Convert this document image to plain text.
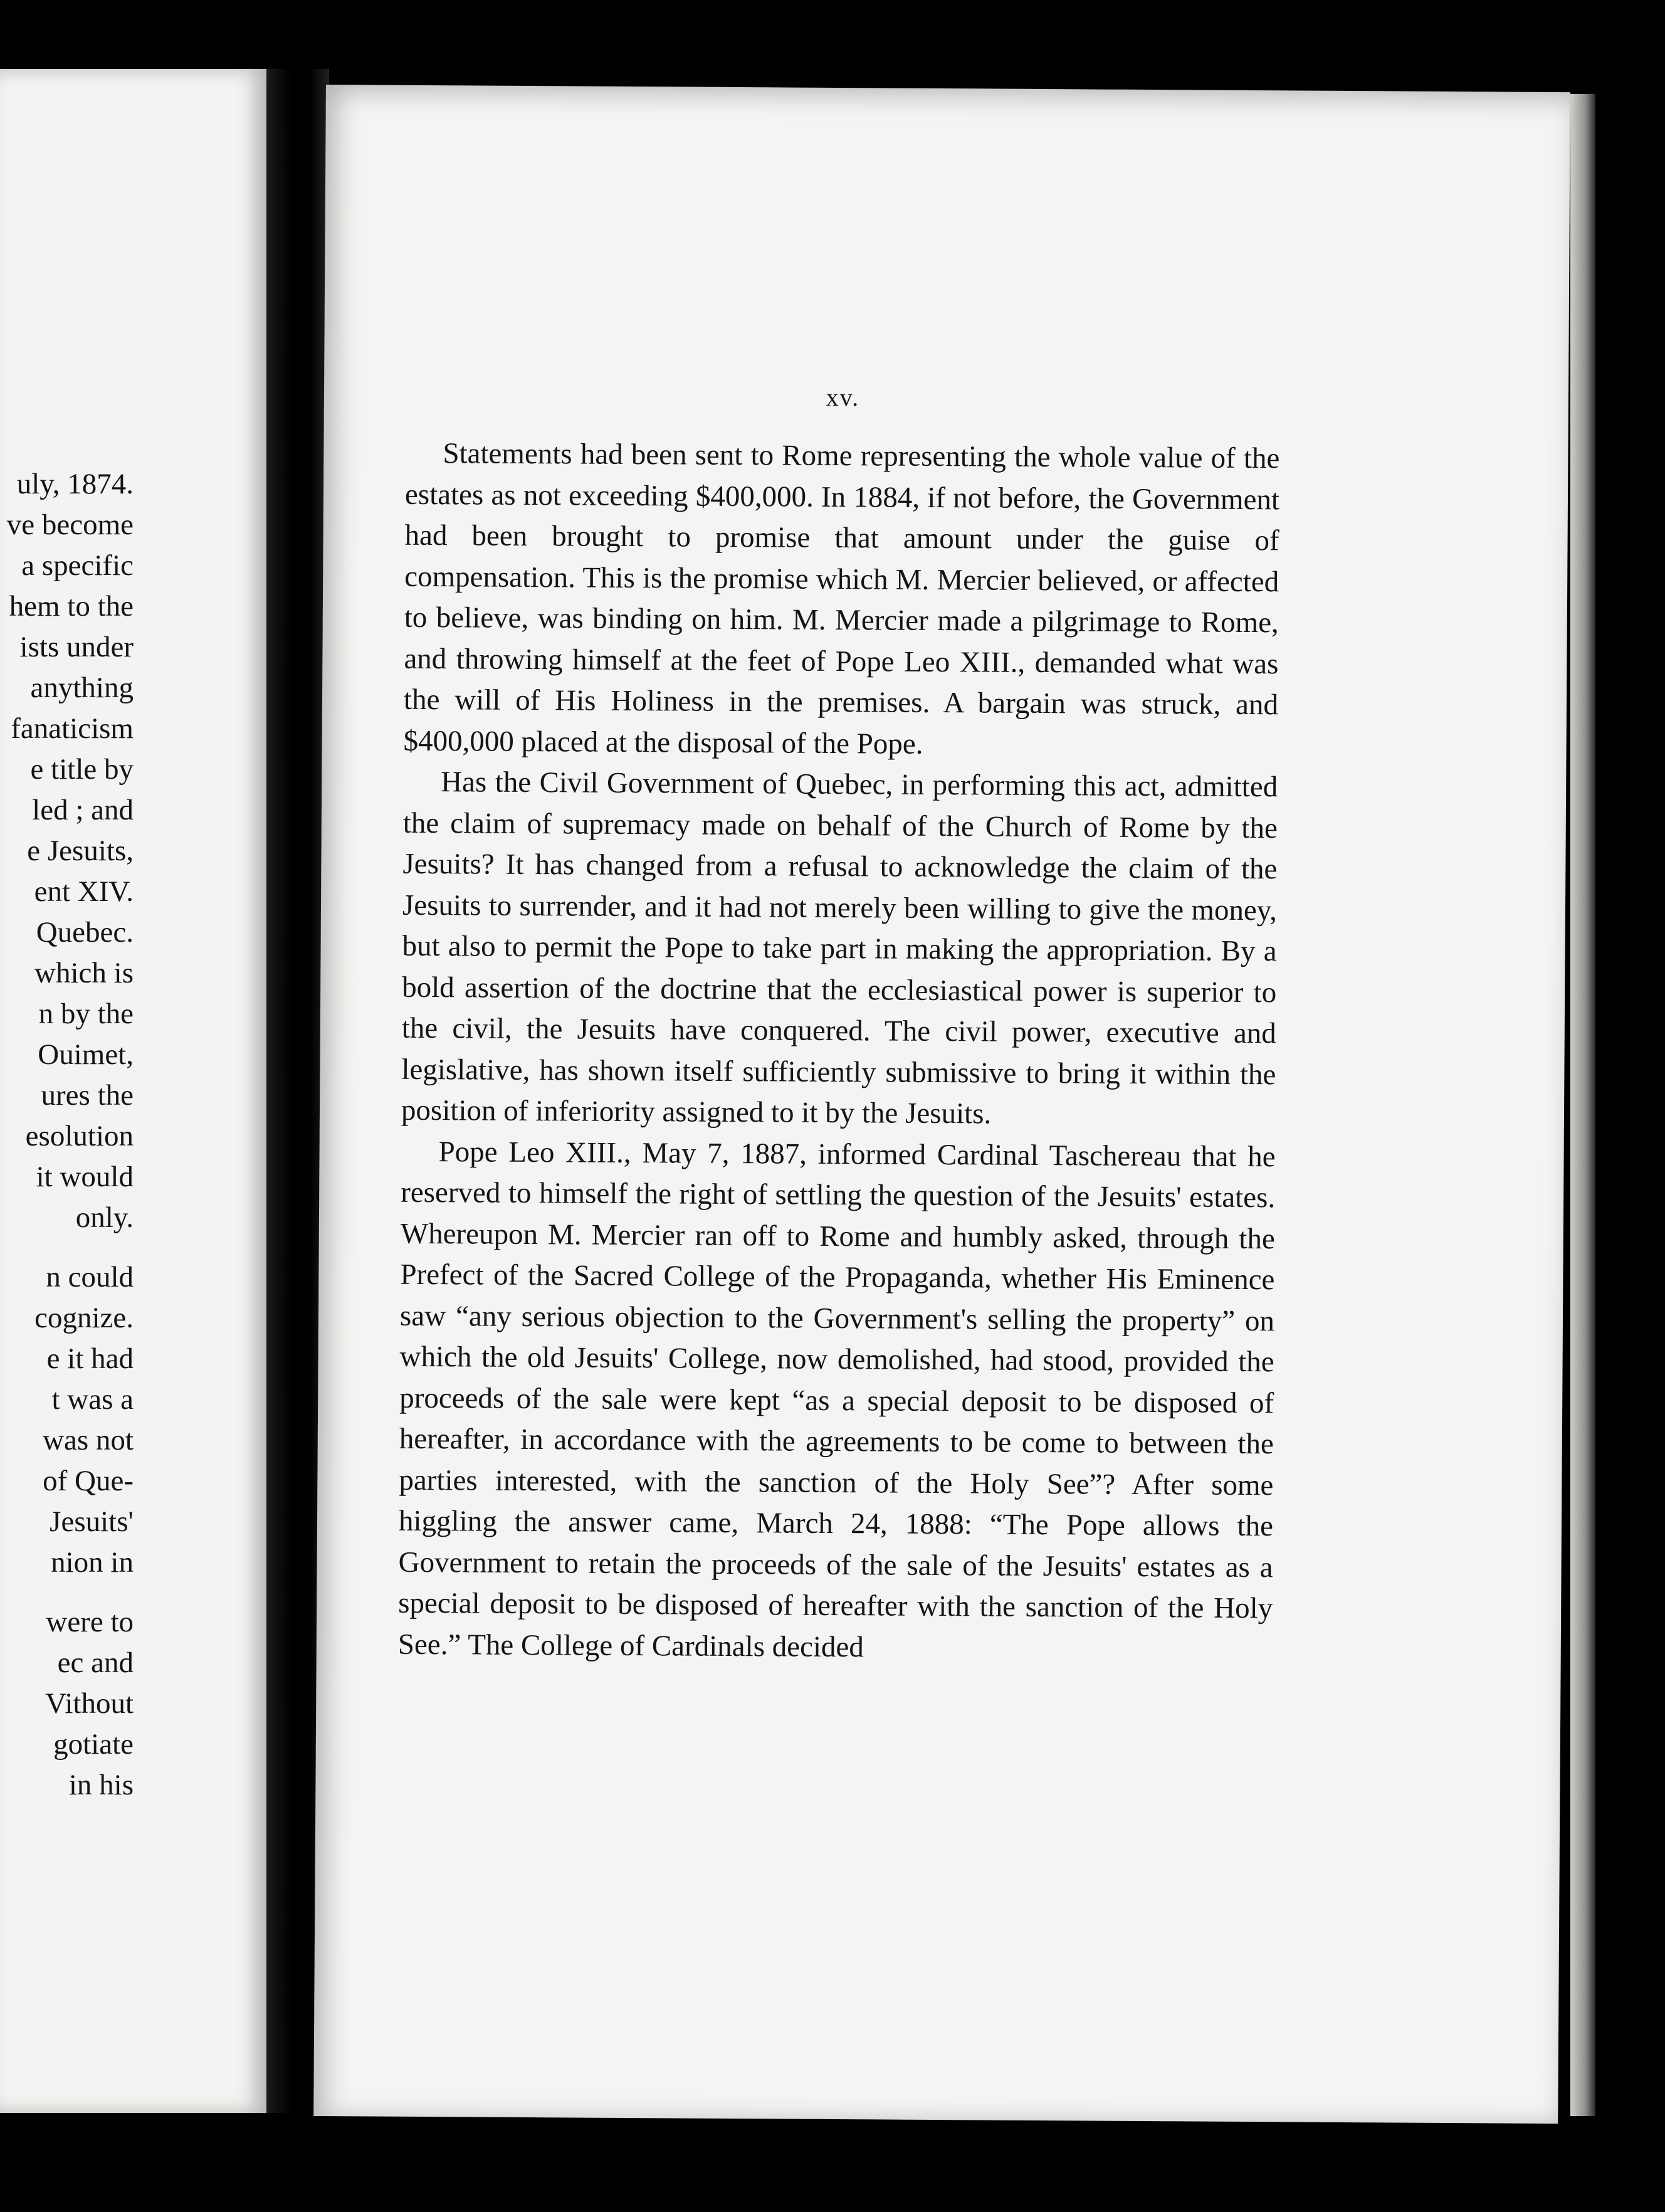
uly, 1874.
ve become
a specific
hem to the
ists under
anything
fanaticism
e title by
led ; and
e Jesuits,
ent XIV.
Quebec.
which is
n by the
Ouimet,
ures the
esolution
it would
only.
n could
cognize.
e it had
t was a
was not
of Que-
Jesuits'
nion in
were to
ec and
Vithout
gotiate
in his
xv.

Statements had been sent to Rome representing the whole value of the estates as not exceeding $400,000. In 1884, if not before, the Government had been brought to promise that amount under the guise of compensation. This is the promise which M. Mercier believed, or affected to believe, was binding on him. M. Mercier made a pilgrimage to Rome, and throwing himself at the feet of Pope Leo XIII., demanded what was the will of His Holiness in the premises. A bargain was struck, and $400,000 placed at the disposal of the Pope.

Has the Civil Government of Quebec, in performing this act, admitted the claim of supremacy made on behalf of the Church of Rome by the Jesuits? It has changed from a refusal to acknowledge the claim of the Jesuits to surrender, and it had not merely been willing to give the money, but also to permit the Pope to take part in making the appropriation. By a bold assertion of the doctrine that the ecclesiastical power is superior to the civil, the Jesuits have conquered. The civil power, executive and legislative, has shown itself sufficiently submissive to bring it within the position of inferiority assigned to it by the Jesuits.

Pope Leo XIII., May 7, 1887, informed Cardinal Taschereau that he reserved to himself the right of settling the question of the Jesuits' estates. Whereupon M. Mercier ran off to Rome and humbly asked, through the Prefect of the Sacred College of the Propaganda, whether His Eminence saw “any serious objection to the Government's selling the property” on which the old Jesuits' College, now demolished, had stood, provided the proceeds of the sale were kept “as a special deposit to be disposed of hereafter, in accordance with the agreements to be come to between the parties interested, with the sanction of the Holy See”? After some higgling the answer came, March 24, 1888: “The Pope allows the Government to retain the proceeds of the sale of the Jesuits' estates as a special deposit to be disposed of hereafter with the sanction of the Holy See.” The College of Cardinals decided
